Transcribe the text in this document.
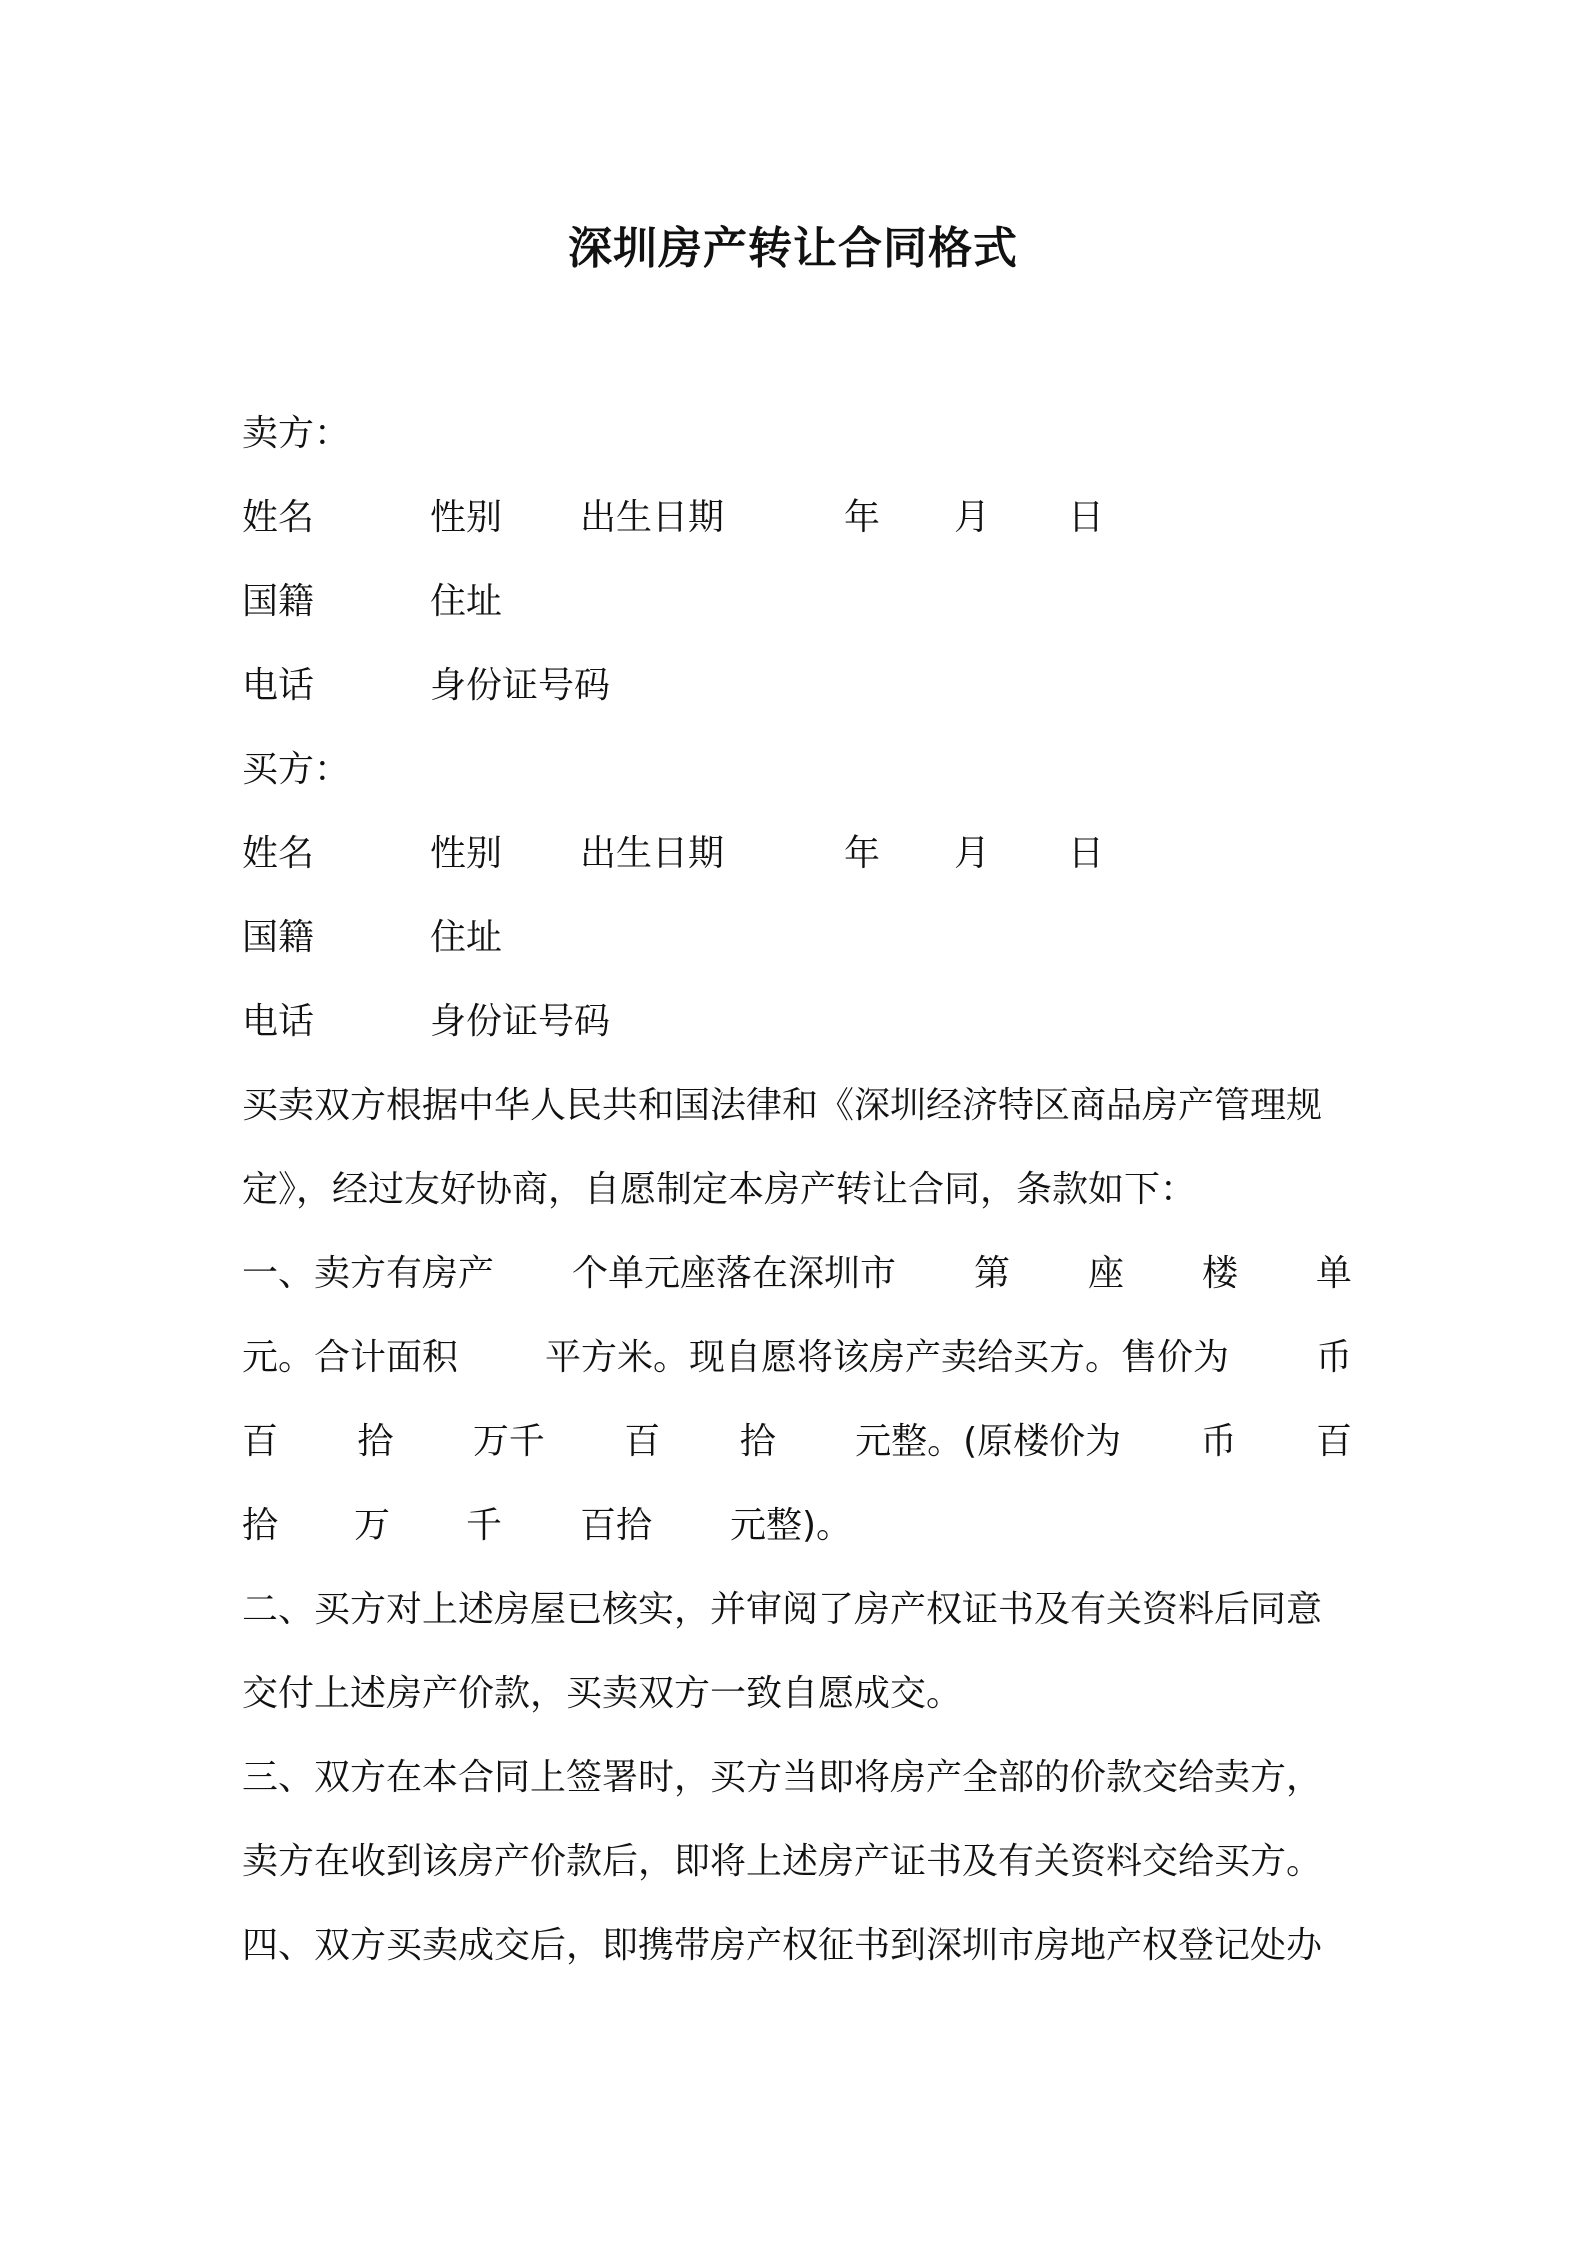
深圳房产转让合同格式
卖方：
姓名	性别 出生日期	年 月 日
国籍	住址
电话	身份证号码
买方：
姓名	性别 出生日期	年 月 日
国籍	住址
电话	身份证号码
买卖双方根据中华人民共和国法律和《深圳经济特区商品房产管理规
定》，经过友好协商，自愿制定本房产转让合同，条款如下：
一、卖方有房产 个单元座落在深圳市 第 座 楼 单
元。合计面积 平方米。现自愿将该房产卖给买方。售价为 币
百 拾 万千 百 拾 元整。(原楼价为 币 百
拾 万 千 百拾 元整)。
二、买方对上述房屋已核实，并审阅了房产权证书及有关资料后同意
交付上述房产价款，买卖双方一致自愿成交。
三、双方在本合同上签署时，买方当即将房产全部的价款交给卖方，
卖方在收到该房产价款后，即将上述房产证书及有关资料交给买方。
四、双方买卖成交后，即携带房产权征书到深圳市房地产权登记处办
